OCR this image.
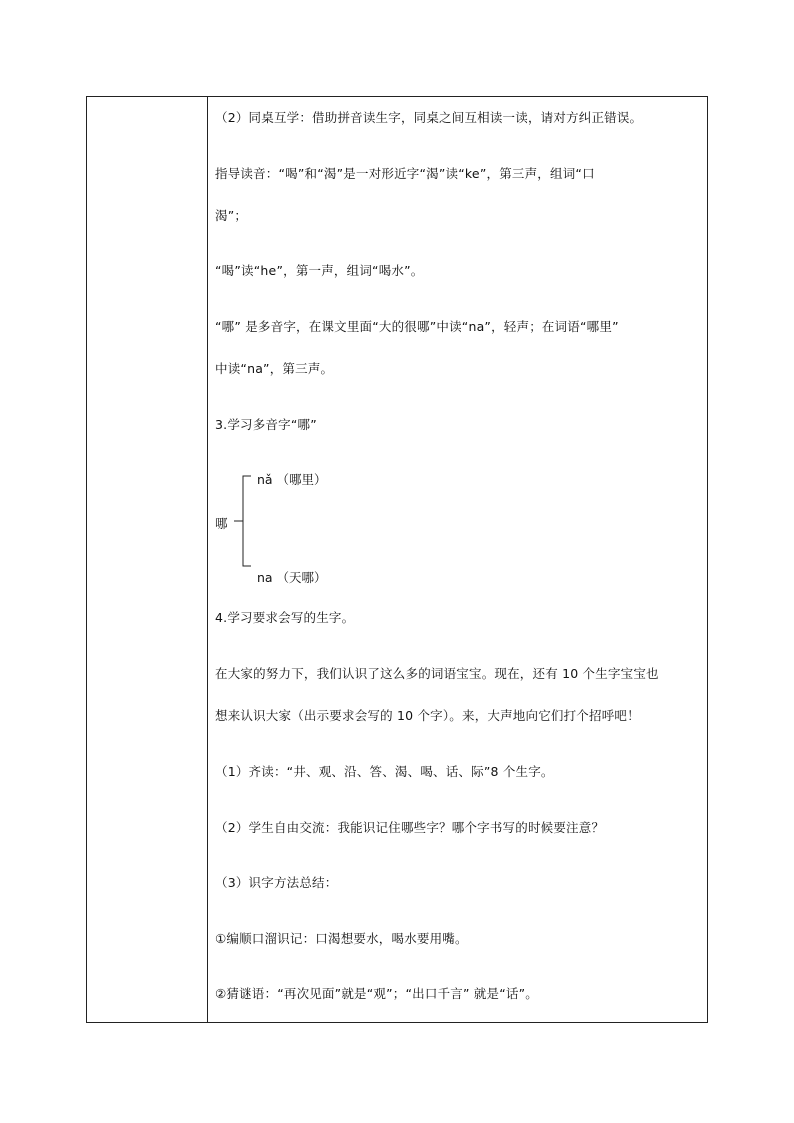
（2）同桌互学：借助拼音读生字，同桌之间互相读一读，请对方纠正错误。
指导读音：“喝”和“渴”是一对形近字“渴”读“ke”，第三声，组词“口
渴”；
“喝”读“he”，第一声，组词“喝水”。
“哪” 是多音字，在课文里面“大的很哪”中读“na”，轻声；在词语“哪里”
中读“na”，第三声。
3.学习多音字“哪”
哪
nǎ （哪里）
na （天哪）
4.学习要求会写的生字。
在大家的努力下，我们认识了这么多的词语宝宝。现在，还有 10 个生字宝宝也
想来认识大家（出示要求会写的 10 个字）。来，大声地向它们打个招呼吧！
（1）齐读：“井、观、沿、答、渴、喝、话、际”8 个生字。
（2）学生自由交流：我能识记住哪些字？哪个字书写的时候要注意？
（3）识字方法总结：
①编顺口溜识记：口渴想要水，喝水要用嘴。
②猜谜语：“再次见面”就是“观”；“出口千言” 就是“话”。
